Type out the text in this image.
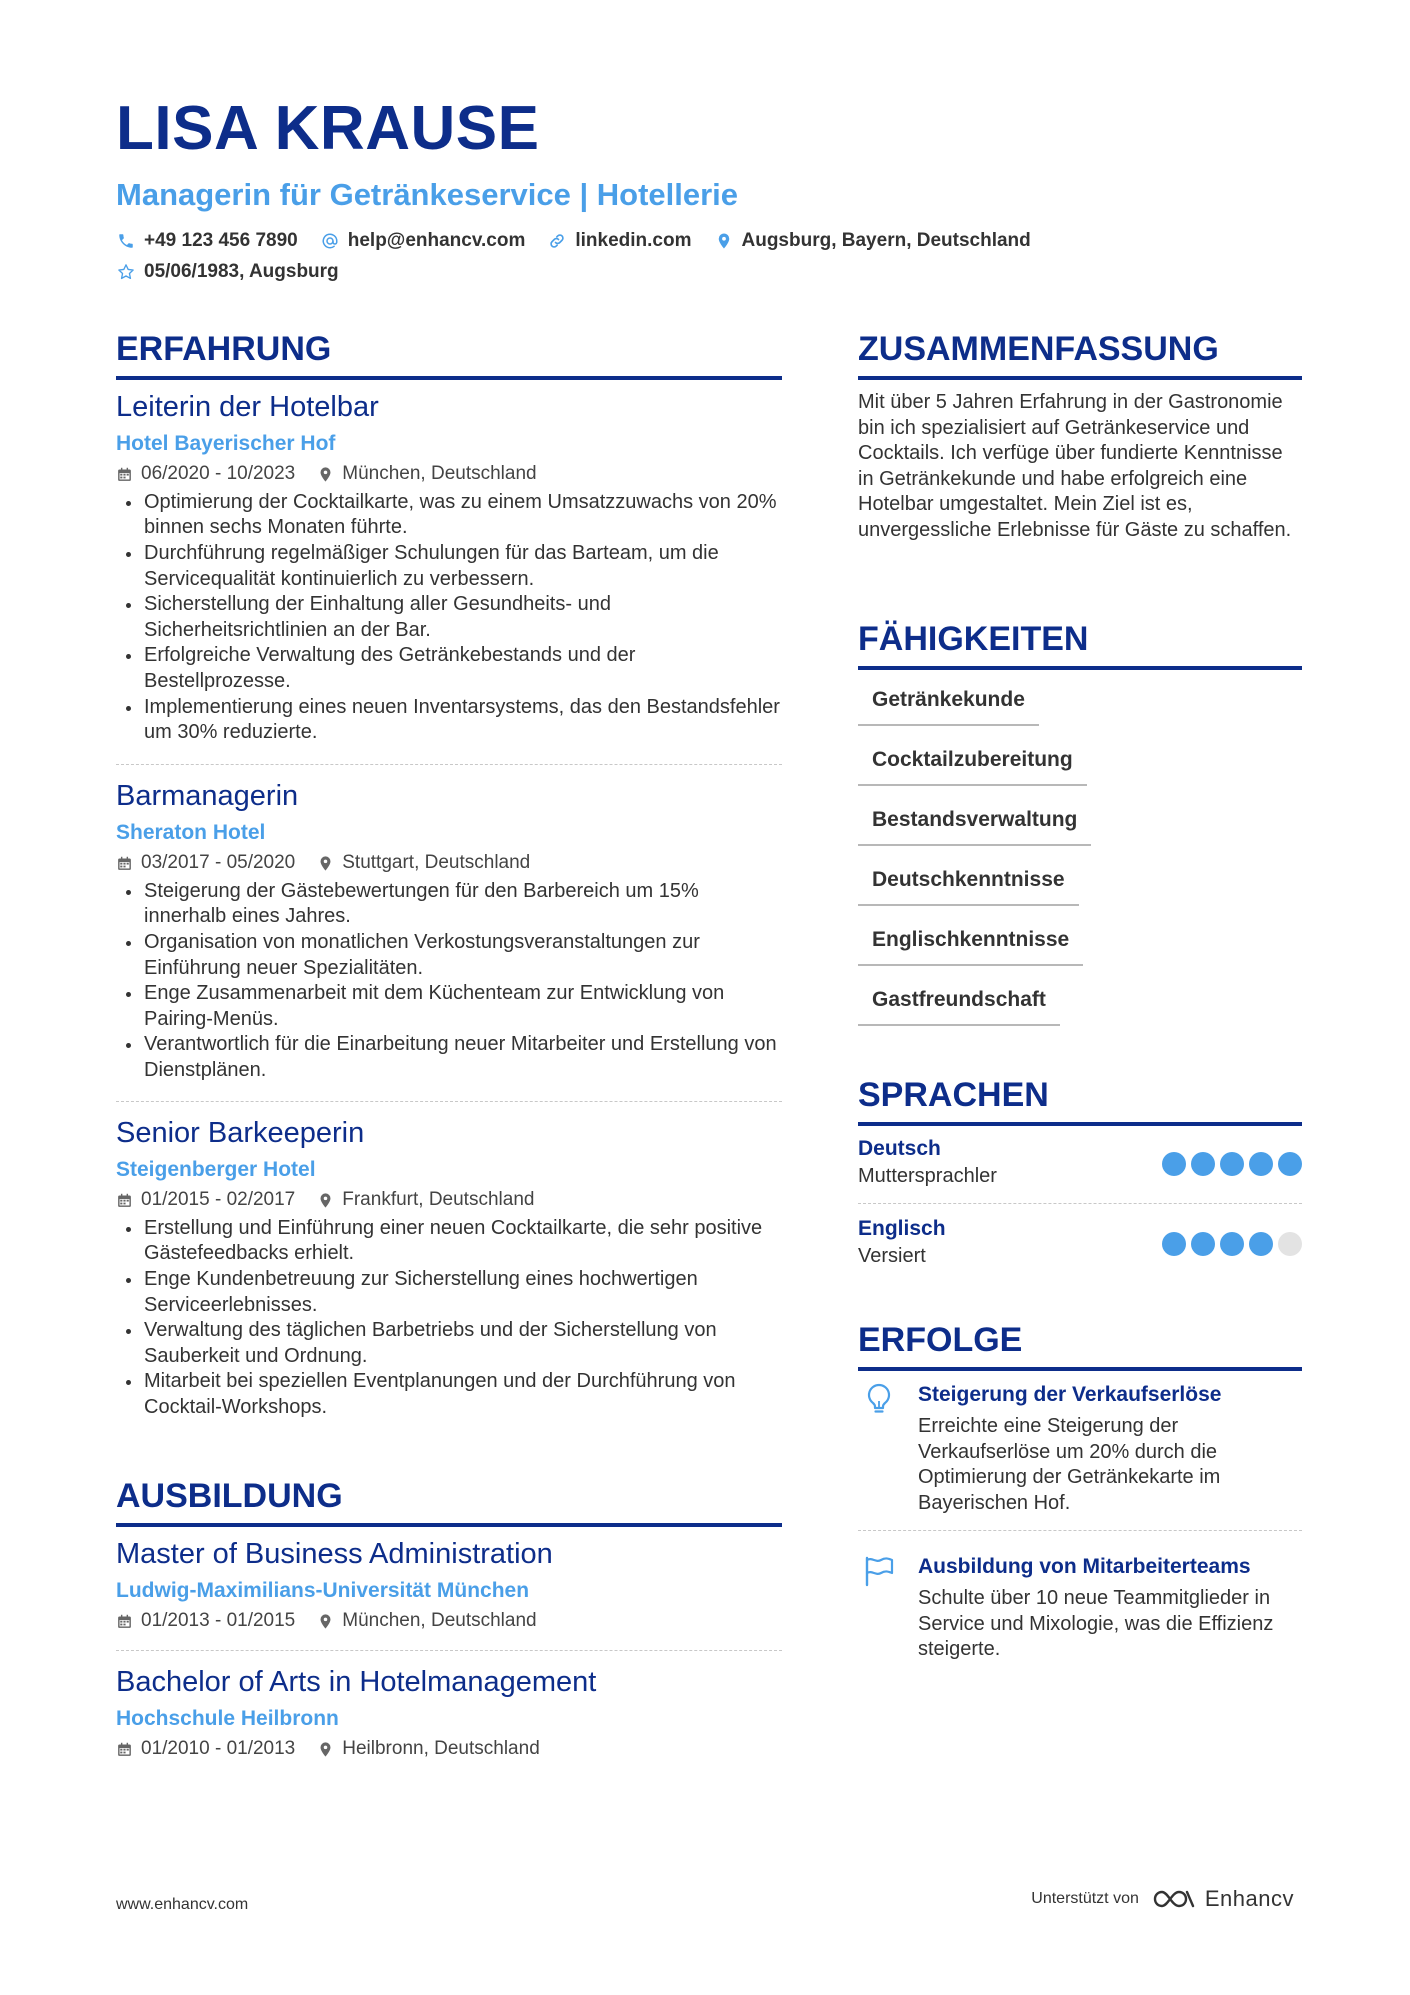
LISA KRAUSE
Managerin für Getränkeservice | Hotellerie
+49 123 456 7890	help@enhancv.com	linkedin.com	Augsburg, Bayern, Deutschland
05/06/1983, Augsburg
ERFAHRUNG
Leiterin der Hotelbar
Hotel Bayerischer Hof
06/2020 - 10/2023 München, Deutschland
Optimierung der Cocktailkarte, was zu einem Umsatzzuwachs von 20% binnen sechs Monaten führte.
Durchführung regelmäßiger Schulungen für das Barteam, um die Servicequalität kontinuierlich zu verbessern.
Sicherstellung der Einhaltung aller Gesundheits- und Sicherheitsrichtlinien an der Bar.
Erfolgreiche Verwaltung des Getränkebestands und der Bestellprozesse.
Implementierung eines neuen Inventarsystems, das den Bestandsfehler um 30% reduzierte.
Barmanagerin
Sheraton Hotel
03/2017 - 05/2020 Stuttgart, Deutschland
Steigerung der Gästebewertungen für den Barbereich um 15% innerhalb eines Jahres.
Organisation von monatlichen Verkostungsveranstaltungen zur Einführung neuer Spezialitäten.
Enge Zusammenarbeit mit dem Küchenteam zur Entwicklung von Pairing-Menüs.
Verantwortlich für die Einarbeitung neuer Mitarbeiter und Erstellung von Dienstplänen.
Senior Barkeeperin
Steigenberger Hotel
01/2015 - 02/2017 Frankfurt, Deutschland
Erstellung und Einführung einer neuen Cocktailkarte, die sehr positive Gästefeedbacks erhielt.
Enge Kundenbetreuung zur Sicherstellung eines hochwertigen Serviceerlebnisses.
Verwaltung des täglichen Barbetriebs und der Sicherstellung von Sauberkeit und Ordnung.
Mitarbeit bei speziellen Eventplanungen und der Durchführung von Cocktail-Workshops.
AUSBILDUNG
Master of Business Administration
Ludwig-Maximilians-Universität München
01/2013 - 01/2015 München, Deutschland
Bachelor of Arts in Hotelmanagement
Hochschule Heilbronn
01/2010 - 01/2013 Heilbronn, Deutschland
ZUSAMMENFASSUNG

Mit über 5 Jahren Erfahrung in der Gastronomie bin ich spezialisiert auf Getränkeservice und Cocktails. Ich verfüge über fundierte Kenntnisse in Getränkekunde und habe erfolgreich eine Hotelbar umgestaltet. Mein Ziel ist es, unvergessliche Erlebnisse für Gäste zu schaffen.

FÄHIGKEITEN
Getränkekunde
Cocktailzubereitung
Bestandsverwaltung
Deutschkenntnisse
Englischkenntnisse
Gastfreundschaft
SPRACHEN
Deutsch
Muttersprachler
Englisch
Versiert
ERFOLGE
Steigerung der Verkaufserlöse
Erreichte eine Steigerung der Verkaufserlöse um 20% durch die Optimierung der Getränkekarte im Bayerischen Hof.
Ausbildung von Mitarbeiterteams
Schulte über 10 neue Teammitglieder in Service und Mixologie, was die Effizienz steigerte.
www.enhancv.com	Unterstützt von	Enhancv
